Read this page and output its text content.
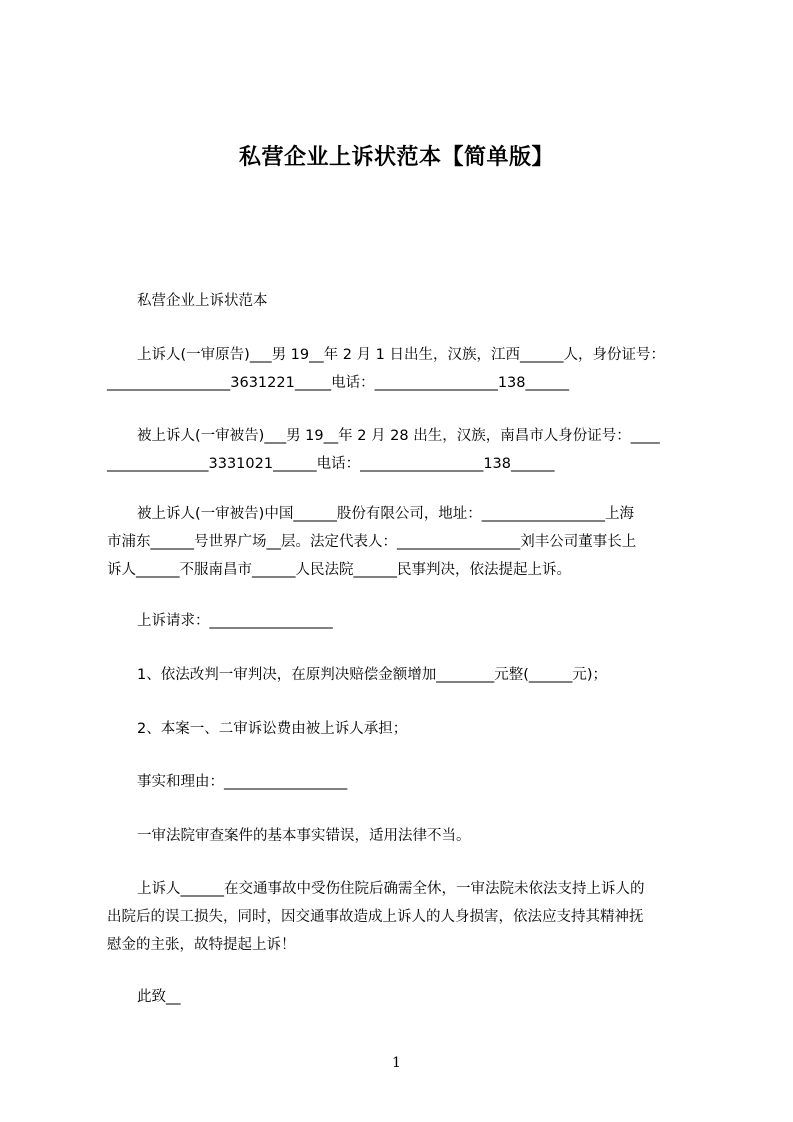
私营企业上诉状范本【简单版】
私营企业上诉状范本
上诉人(一审原告)___男 19__年 2 月 1 日出生，汉族，江西______人，身份证号：
_________________3631221_____电话：_________________138______
被上诉人(一审被告)___男 19__年 2 月 28 出生，汉族，南昌市人身份证号：____
______________3331021______电话：_________________138______
被上诉人(一审被告)中国______股份有限公司，地址：_________________上海
市浦东______号世界广场__层。法定代表人：_________________刘丰公司董事长上
诉人______不服南昌市______人民法院______民事判决，依法提起上诉。
上诉请求：_________________
1、依法改判一审判决，在原判决赔偿金额增加________元整(______元)；
2、本案一、二审诉讼费由被上诉人承担；
事实和理由：_________________
一审法院审查案件的基本事实错误，适用法律不当。
上诉人______在交通事故中受伤住院后确需全休，一审法院未依法支持上诉人的
出院后的误工损失，同时，因交通事故造成上诉人的人身损害，依法应支持其精神抚
慰金的主张，故特提起上诉！
此致__
1
